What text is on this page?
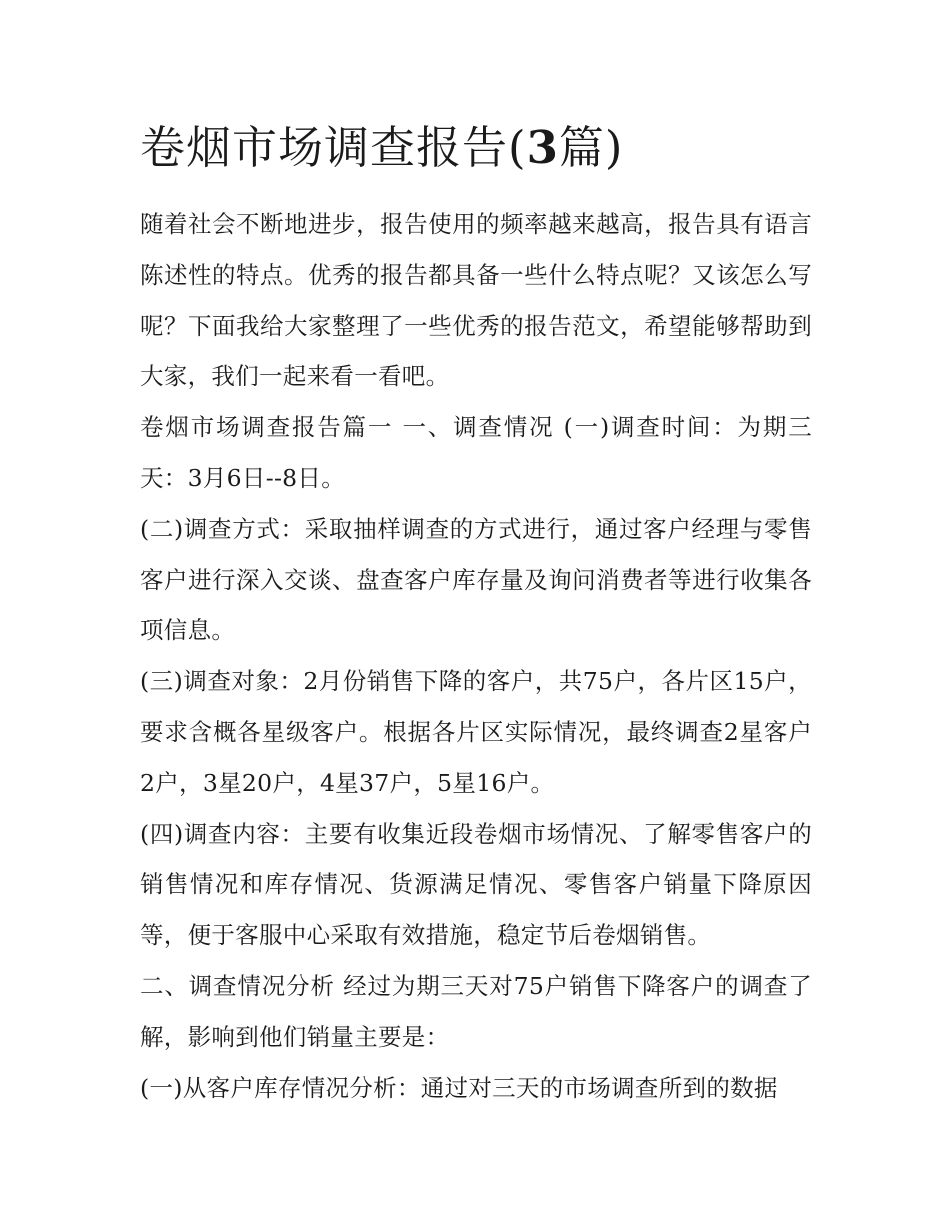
卷烟市场调查报告(3篇)

随着社会不断地进步，报告使用的频率越来越高，报告具有语言陈述性的特点。优秀的报告都具备一些什么特点呢？又该怎么写呢？下面我给大家整理了一些优秀的报告范文，希望能够帮助到大家，我们一起来看一看吧。

卷烟市场调查报告篇一 一、调查情况 (一)调查时间：为期三天：3月6日--8日。

(二)调查方式：采取抽样调查的方式进行，通过客户经理与零售客户进行深入交谈、盘查客户库存量及询问消费者等进行收集各项信息。

(三)调查对象：2月份销售下降的客户，共75户，各片区15户，要求含概各星级客户。根据各片区实际情况，最终调查2星客户2户，3星20户，4星37户，5星16户。

(四)调查内容：主要有收集近段卷烟市场情况、了解零售客户的销售情况和库存情况、货源满足情况、零售客户销量下降原因等，便于客服中心采取有效措施，稳定节后卷烟销售。

二、调查情况分析 经过为期三天对75户销售下降客户的调查了解，影响到他们销量主要是：

(一)从客户库存情况分析：通过对三天的市场调查所到的数据
